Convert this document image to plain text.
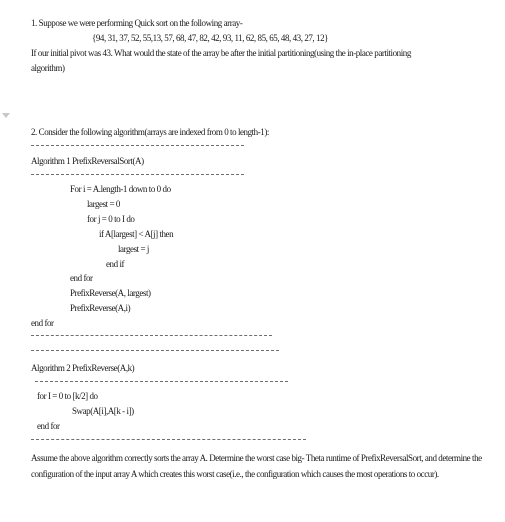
1. Suppose we were performing Quick sort on the following array-
{94, 31, 37, 52, 55,13, 57, 68, 47, 82, 42, 93, 11, 62, 85, 65, 48, 43, 27, 12}
If our initial pivot was 43. What would the state of the array be after the initial partitioning(using the in-place partitioning
algorithm)
2. Consider the following algorithm(arrays are indexed from 0 to length-1):
Algorithm 1 PrefixReversalSort(A)
For i = A.length-1 down to 0 do
largest = 0
for j = 0 to I do
if A[largest] < A[j] then
largest = j
end if
end for
PrefixReverse(A, largest)
PrefixReverse(A,i)
end for
Algorithm 2 PrefixReverse(A,k)
for I = 0 to [k/2] do
Swap(A[i],A[k - i])
end for
Assume the above algorithm correctly sorts the array A. Determine the worst case big- Theta runtime of PrefixReversalSort, and determine the configuration of the input array A which creates this worst case(i.e., the configuration which causes the most operations to occur).
